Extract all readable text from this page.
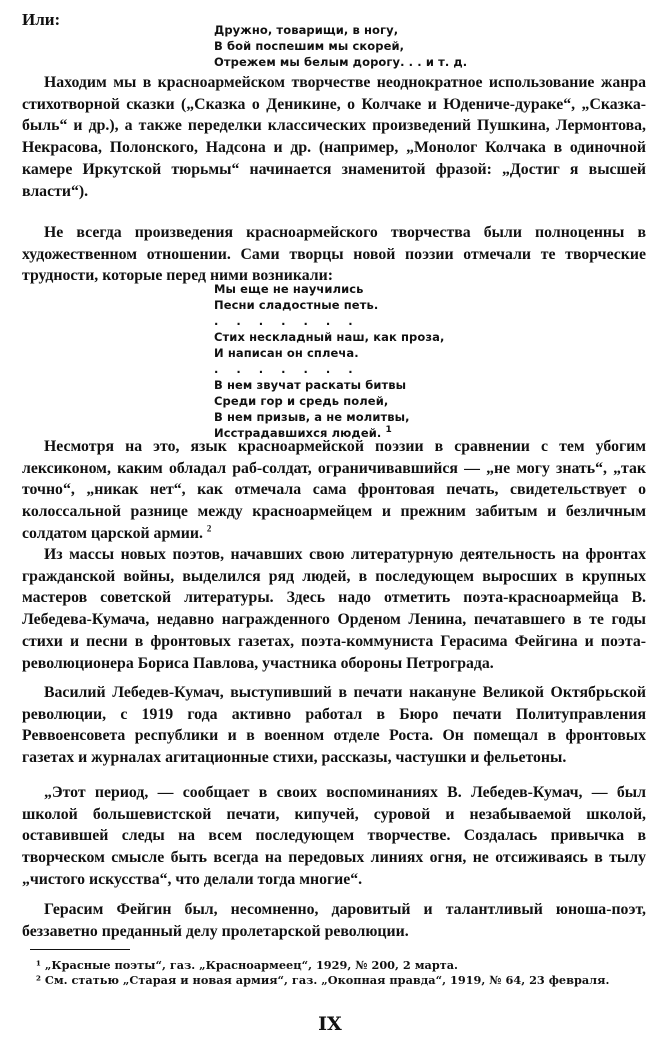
Или:
Дружно, товарищи, в ногу,
В бой поспешим мы скорей,
Отрежем мы белым дорогу. . . и т. д.

Находим мы в красноармейском творчестве неоднократное использование жанра стихотворной сказки („Сказка о Деникине, о Колчаке и Юдениче-дураке“, „Сказка-быль“ и др.), а также переделки классических произведений Пушкина, Лермонтова, Некрасова, Полонского, Надсона и др. (например, „Монолог Колчака в одиночной камере Иркутской тюрьмы“ начинается знаменитой фразой: „Достиг я высшей власти“).

Не всегда произведения красноармейского творчества были полноценны в художественном отношении. Сами творцы новой поэзии отмечали те творческие трудности, которые перед ними возникали:

Мы еще не научились
Песни сладостные петь.
. . . . . . .
Стих нескладный наш, как проза,
И написан он сплеча.
. . . . . . .
В нем звучат раскаты битвы
Среди гор и средь полей,
В нем призыв, а не молитвы,
Исстрадавшихся людей. $^1$

Несмотря на это, язык красноармейской поэзии в сравнении с тем убогим лексиконом, каким обладал раб-солдат, ограничивавшийся — „не могу знать“, „так точно“, „никак нет“, как отмечала сама фронтовая печать, свидетельствует о колоссальной разнице между красноармейцем и прежним забитым и безличным солдатом царской армии. $^2$

Из массы новых поэтов, начавших свою литературную деятельность на фронтах гражданской войны, выделился ряд людей, в последующем выросших в крупных мастеров советской литературы. Здесь надо отметить поэта-красноармейца В. Лебедева-Кумача, недавно награжденного Орденом Ленина, печатавшего в те годы стихи и песни в фронтовых газетах, поэта-коммуниста Герасима Фейгина и поэта-революционера Бориса Павлова, участника обороны Петрограда.

Василий Лебедев-Кумач, выступивший в печати накануне Великой Октябрьской революции, с 1919 года активно работал в Бюро печати Политуправления Реввоенсовета республики и в военном отделе Роста. Он помещал в фронтовых газетах и журналах агитационные стихи, рассказы, частушки и фельетоны.

„Этот период, — сообщает в своих воспоминаниях В. Лебедев-Кумач, — был школой большевистской печати, кипучей, суровой и незабываемой школой, оставившей следы на всем последующем творчестве. Создалась привычка в творческом смысле быть всегда на передовых линиях огня, не отсиживаясь в тылу „чистого искусства“, что делали тогда многие“.

Герасим Фейгин был, несомненно, даровитый и талантливый юноша-поэт, беззаветно преданный делу пролетарской революции.

¹ „Красные поэты“, газ. „Красноармеец“, 1929, № 200, 2 марта.

² См. статью „Старая и новая армия“, газ. „Окопная правда“, 1919, № 64, 23 февраля.

IX
